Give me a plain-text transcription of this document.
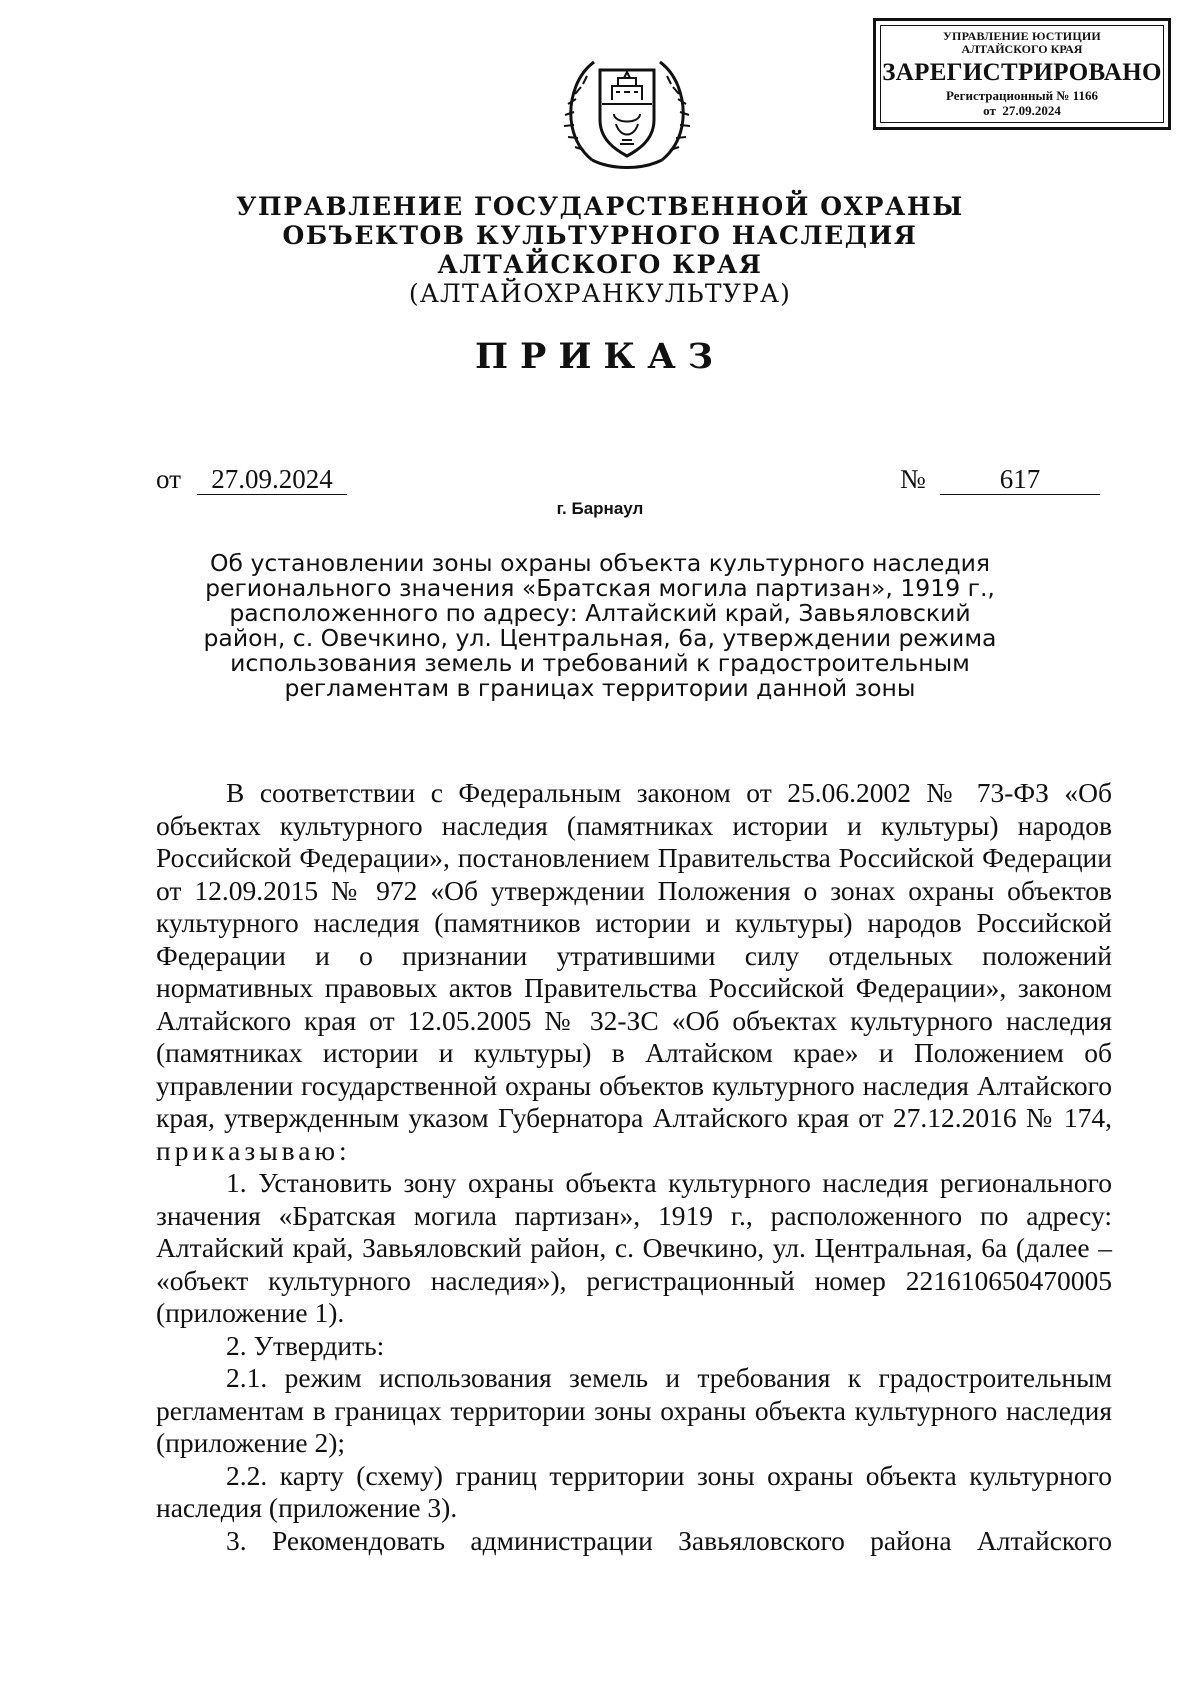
УПРАВЛЕНИЕ ЮСТИЦИИ
АЛТАЙСКОГО КРАЯ
ЗАРЕГИСТРИРОВАНО
Регистрационный № 1166
от  27.09.2024
УПРАВЛЕНИЕ ГОСУДАРСТВЕННОЙ ОХРАНЫ
ОБЪЕКТОВ КУЛЬТУРНОГО НАСЛЕДИЯ
АЛТАЙСКОГО КРАЯ
(АЛТАЙОХРАНКУЛЬТУРА)
ПРИКАЗ
от	27.09.2024	№	617
г. Барнаул
Об установлении зоны охраны объекта культурного наследия регионального значения «Братская могила партизан», 1919 г., расположенного по адресу: Алтайский край, Завьяловский район, с. Овечкино, ул. Центральная, 6а, утверждении режима использования земель и требований к градостроительным регламентам в границах территории данной зоны

В соответствии с Федеральным законом от 25.06.2002 № 73-ФЗ «Об объектах культурного наследия (памятниках истории и культуры) народов Российской Федерации», постановлением Правительства Российской Федерации от 12.09.2015 № 972 «Об утверждении Положения о зонах охраны объектов культурного наследия (памятников истории и культуры) народов Российской Федерации и о признании утратившими силу отдельных положений нормативных правовых актов Правительства Российской Федерации», законом Алтайского края от 12.05.2005 № 32-ЗС «Об объектах культурного наследия (памятниках истории и культуры) в Алтайском крае» и Положением об управлении государственной охраны объектов культурного наследия Алтайского края, утвержденным указом Губернатора Алтайского края от 27.12.2016 № 174, приказываю:

1. Установить зону охраны объекта культурного наследия регионального значения «Братская могила партизан», 1919 г., расположенного по адресу: Алтайский край, Завьяловский район, с. Овечкино, ул. Центральная, 6а (далее – «объект культурного наследия»), регистрационный номер 221610650470005 (приложение 1).

2. Утвердить:

2.1. режим использования земель и требования к градостроительным регламентам в границах территории зоны охраны объекта культурного наследия (приложение 2);

2.2. карту (схему) границ территории зоны охраны объекта культурного наследия (приложение 3).

3. Рекомендовать администрации Завьяловского района Алтайского
